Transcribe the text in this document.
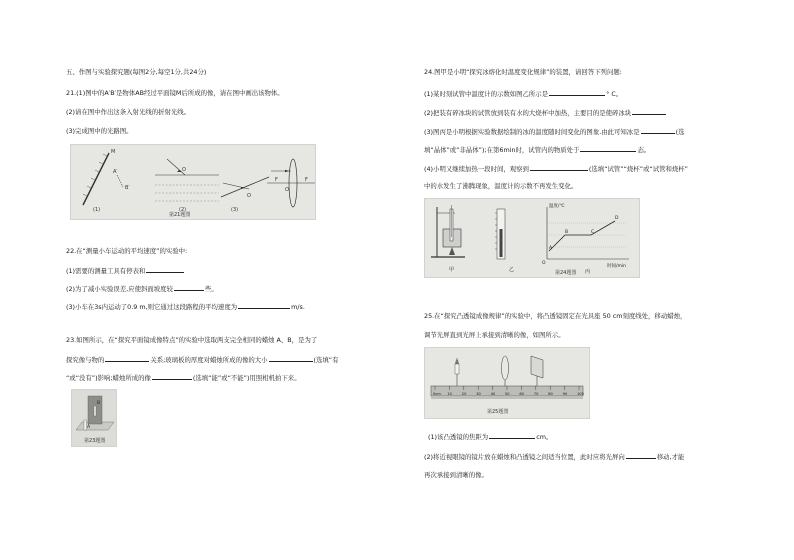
五、作图与实验探究题(每图2分,每空1分,共24分)
21.(1)图中的A′B′是物体AB经过平面镜M后所成的像，请在图中画出该物体。
(2)请在图中作出这条入射光线的折射光线。
(3)完成图中的光路图。
M
A′
B′
(1)
O
(2)
O
(3)
F	F
O
第21题图
22.在“测量小车运动的平均速度”的实验中:
(1)需要的测量工具有停表和
(2)为了减小实验误差,应使斜面坡度较	些。
(3)小车在3s内运动了0.9 m,则它通过这段路程的平均速度为	m/s.
23.如图所示，在“探究平面镜成像特点”的实验中选取两支完全相同的蜡烛 A、B，是为了
探究像与物的	关系;玻璃板的厚度对蜡烛所成的像的大小	(选填“有
“或“没有”)影响;蜡烛所成的像	(选填“能”或“不能”)用照相机拍下来。
B
A
第23题图
24.图甲是小明“探究冰熔化时温度变化规律”的装置，请回答下列问题:
(1)某时刻试管中温度计的示数如图乙所示是	° C。
(2)把装有碎冰块的试管放到装有水的大烧杯中加热，主要目的是使碎冰块
(3)图丙是小明根据实验数据绘制的冰的温度随时间变化的图象.由此可知冰是	(选
填“晶体”或“非晶体”);在第6min时，试管内的物质处于	态。
(4)小明又继续加热一段时间，观察到	(选填“试管”“烧杯”或“试管和烧杯”
中的水发生了沸腾现象，温度计的示数不再发生变化。
甲	乙
温度/℃
时间/min
O
A
B	C
D
丙
第24题图
25.在“探究凸透镜成像规律”的实验中，将凸透镜固定在光具座 50 cm刻度线处，移动蜡烛，
调节光屏直到光屏上承接到清晰的像，如图所示。
0cm 10	20	30	40	50	60	70	80	90	100
第25题图
(1)该凸透镜的焦距为	cm。
(2)将近视眼镜的镜片放在蜡烛和凸透镜之间适当位置，此时应将光屏向	移动,才能
再次承接到清晰的像。
